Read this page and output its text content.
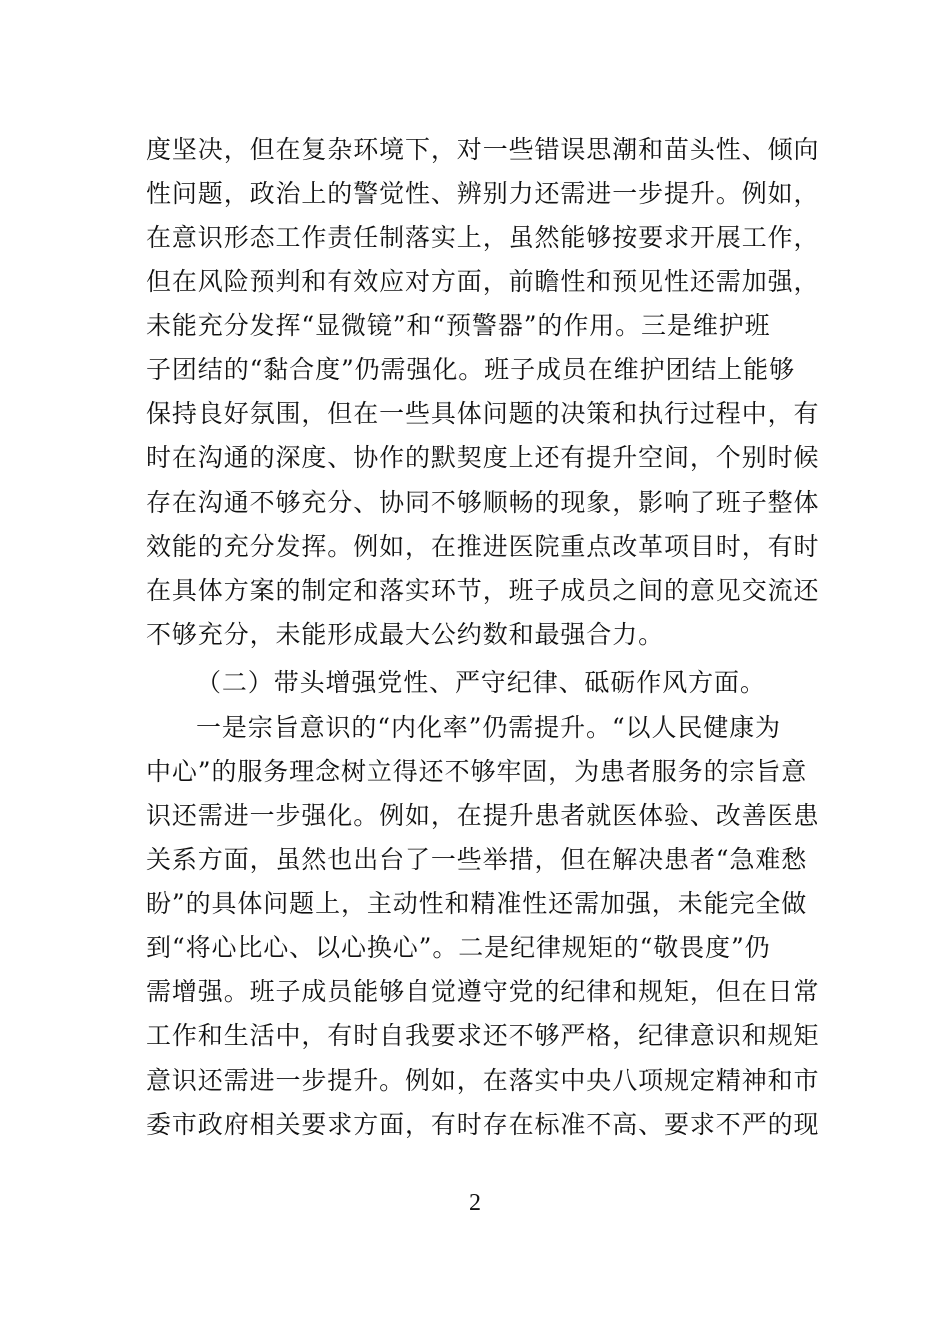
度坚决，但在复杂环境下，对一些错误思潮和苗头性、倾向
性问题，政治上的警觉性、辨别力还需进一步提升。例如，
在意识形态工作责任制落实上，虽然能够按要求开展工作，
但在风险预判和有效应对方面，前瞻性和预见性还需加强，
未能充分发挥“显微镜”和“预警器”的作用。三是维护班
子团结的“黏合度”仍需强化。班子成员在维护团结上能够
保持良好氛围，但在一些具体问题的决策和执行过程中，有
时在沟通的深度、协作的默契度上还有提升空间，个别时候
存在沟通不够充分、协同不够顺畅的现象，影响了班子整体
效能的充分发挥。例如，在推进医院重点改革项目时，有时
在具体方案的制定和落实环节，班子成员之间的意见交流还
不够充分，未能形成最大公约数和最强合力。
（二）带头增强党性、严守纪律、砥砺作风方面。
一是宗旨意识的“内化率”仍需提升。“以人民健康为
中心”的服务理念树立得还不够牢固，为患者服务的宗旨意
识还需进一步强化。例如，在提升患者就医体验、改善医患
关系方面，虽然也出台了一些举措，但在解决患者“急难愁
盼”的具体问题上，主动性和精准性还需加强，未能完全做
到“将心比心、以心换心”。二是纪律规矩的“敬畏度”仍
需增强。班子成员能够自觉遵守党的纪律和规矩，但在日常
工作和生活中，有时自我要求还不够严格，纪律意识和规矩
意识还需进一步提升。例如，在落实中央八项规定精神和市
委市政府相关要求方面，有时存在标准不高、要求不严的现
2
